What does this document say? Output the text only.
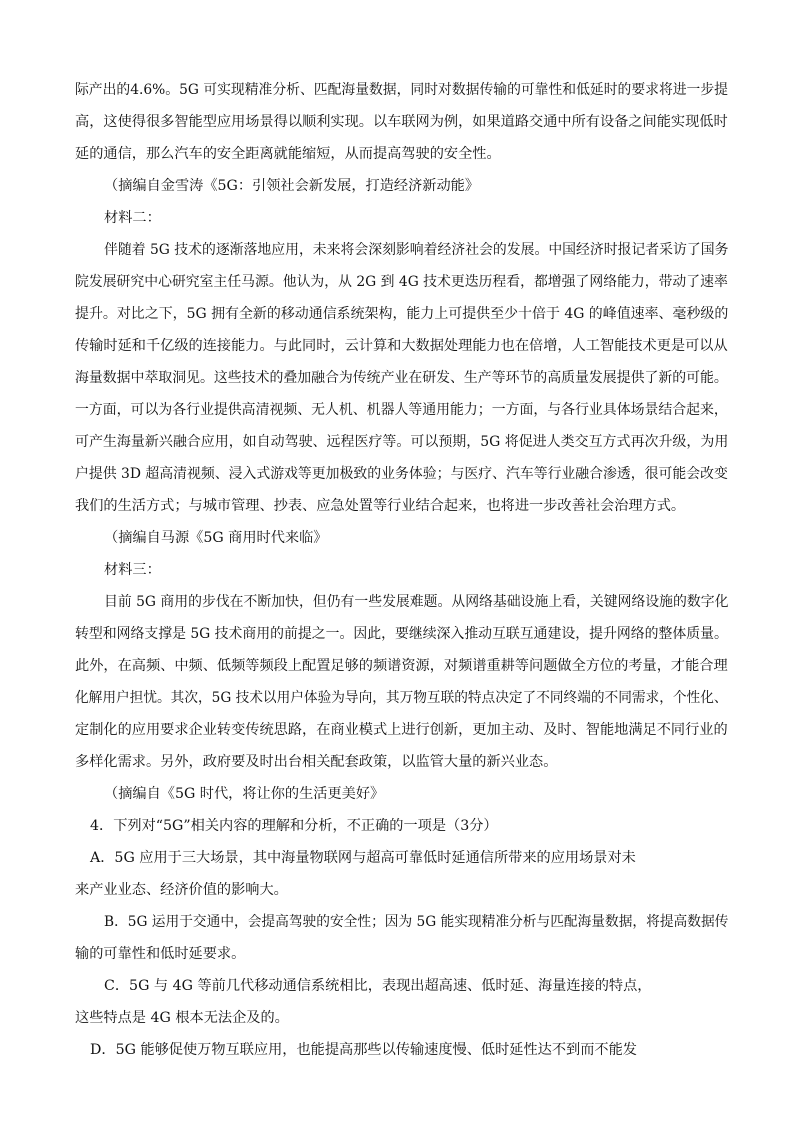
际产出的4.6%。5G 可实现精准分析、匹配海量数据，同时对数据传输的可靠性和低延时的要求将进一步提
高，这使得很多智能型应用场景得以顺利实现。以车联网为例，如果道路交通中所有设备之间能实现低时
延的通信，那么汽车的安全距离就能缩短，从而提高驾驶的安全性。
（摘编自金雪涛《5G：引领社会新发展，打造经济新动能》
材料二：
伴随着 5G 技术的逐渐落地应用，未来将会深刻影响着经济社会的发展。中国经济时报记者采访了国务
院发展研究中心研究室主任马源。他认为，从 2G 到 4G 技术更迭历程看，都增强了网络能力，带动了速率
提升。对比之下，5G 拥有全新的移动通信系统架构，能力上可提供至少十倍于 4G 的峰值速率、毫秒级的
传输时延和千亿级的连接能力。与此同时，云计算和大数据处理能力也在倍增，人工智能技术更是可以从
海量数据中萃取洞见。这些技术的叠加融合为传统产业在研发、生产等环节的高质量发展提供了新的可能。
一方面，可以为各行业提供高清视频、无人机、机器人等通用能力；一方面，与各行业具体场景结合起来，
可产生海量新兴融合应用，如自动驾驶、远程医疗等。可以预期，5G 将促进人类交互方式再次升级，为用
户提供 3D 超高清视频、浸入式游戏等更加极致的业务体验；与医疗、汽车等行业融合渗透，很可能会改变
我们的生活方式；与城市管理、抄表、应急处置等行业结合起来，也将进一步改善社会治理方式。
（摘编自马源《5G 商用时代来临》
材料三：
目前 5G 商用的步伐在不断加快，但仍有一些发展难题。从网络基础设施上看，关键网络设施的数字化
转型和网络支撑是 5G 技术商用的前提之一。因此，要继续深入推动互联互通建设，提升网络的整体质量。
此外，在高频、中频、低频等频段上配置足够的频谱资源，对频谱重耕等问题做全方位的考量，才能合理
化解用户担忧。其次，5G 技术以用户体验为导向，其万物互联的特点决定了不同终端的不同需求，个性化、
定制化的应用要求企业转变传统思路，在商业模式上进行创新，更加主动、及时、智能地满足不同行业的
多样化需求。另外，政府要及时出台相关配套政策，以监管大量的新兴业态。
（摘编自《5G 时代，将让你的生活更美好》
4．下列对“5G”相关内容的理解和分析，不正确的一项是（3分）
A．5G 应用于三大场景，其中海量物联网与超高可靠低时延通信所带来的应用场景对未
来产业业态、经济价值的影响大。
B．5G 运用于交通中，会提高驾驶的安全性；因为 5G 能实现精准分析与匹配海量数据，将提高数据传
输的可靠性和低时延要求。
C．5G 与 4G 等前几代移动通信系统相比，表现出超高速、低时延、海量连接的特点，
这些特点是 4G 根本无法企及的。
D．5G 能够促使万物互联应用，也能提高那些以传输速度慢、低时延性达不到而不能发
